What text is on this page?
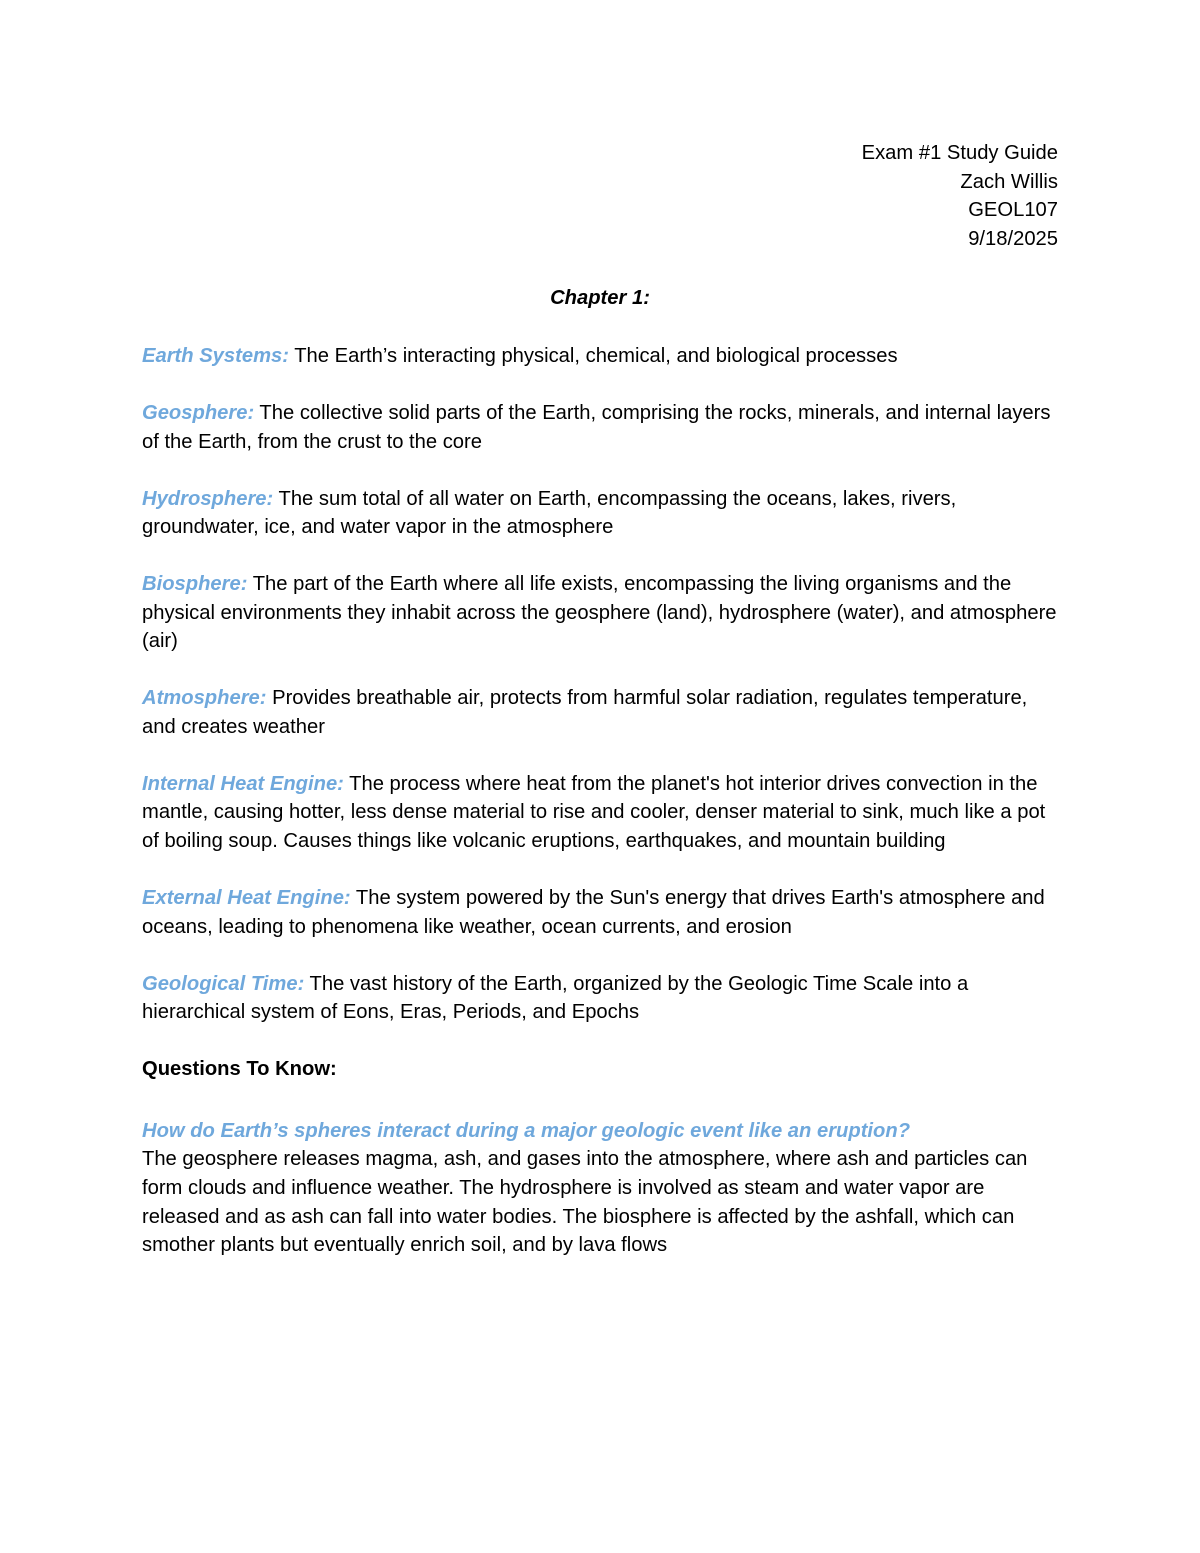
Exam #1 Study Guide
Zach Willis
GEOL107
9/18/2025
Chapter 1:
Earth Systems: The Earth’s interacting physical, chemical, and biological processes
Geosphere: The collective solid parts of the Earth, comprising the rocks, minerals, and internal layers of the Earth, from the crust to the core
Hydrosphere: The sum total of all water on Earth, encompassing the oceans, lakes, rivers, groundwater, ice, and water vapor in the atmosphere
Biosphere: The part of the Earth where all life exists, encompassing the living organisms and the physical environments they inhabit across the geosphere (land), hydrosphere (water), and atmosphere (air)
Atmosphere: Provides breathable air, protects from harmful solar radiation, regulates temperature, and creates weather
Internal Heat Engine: The process where heat from the planet's hot interior drives convection in the mantle, causing hotter, less dense material to rise and cooler, denser material to sink, much like a pot of boiling soup. Causes things like volcanic eruptions, earthquakes, and mountain building
External Heat Engine: The system powered by the Sun's energy that drives Earth's atmosphere and oceans, leading to phenomena like weather, ocean currents, and erosion
Geological Time: The vast history of the Earth, organized by the Geologic Time Scale into a hierarchical system of Eons, Eras, Periods, and Epochs
Questions To Know:
How do Earth’s spheres interact during a major geologic event like an eruption?
The geosphere releases magma, ash, and gases into the atmosphere, where ash and particles can form clouds and influence weather. The hydrosphere is involved as steam and water vapor are released and as ash can fall into water bodies. The biosphere is affected by the ashfall, which can smother plants but eventually enrich soil, and by lava flows
